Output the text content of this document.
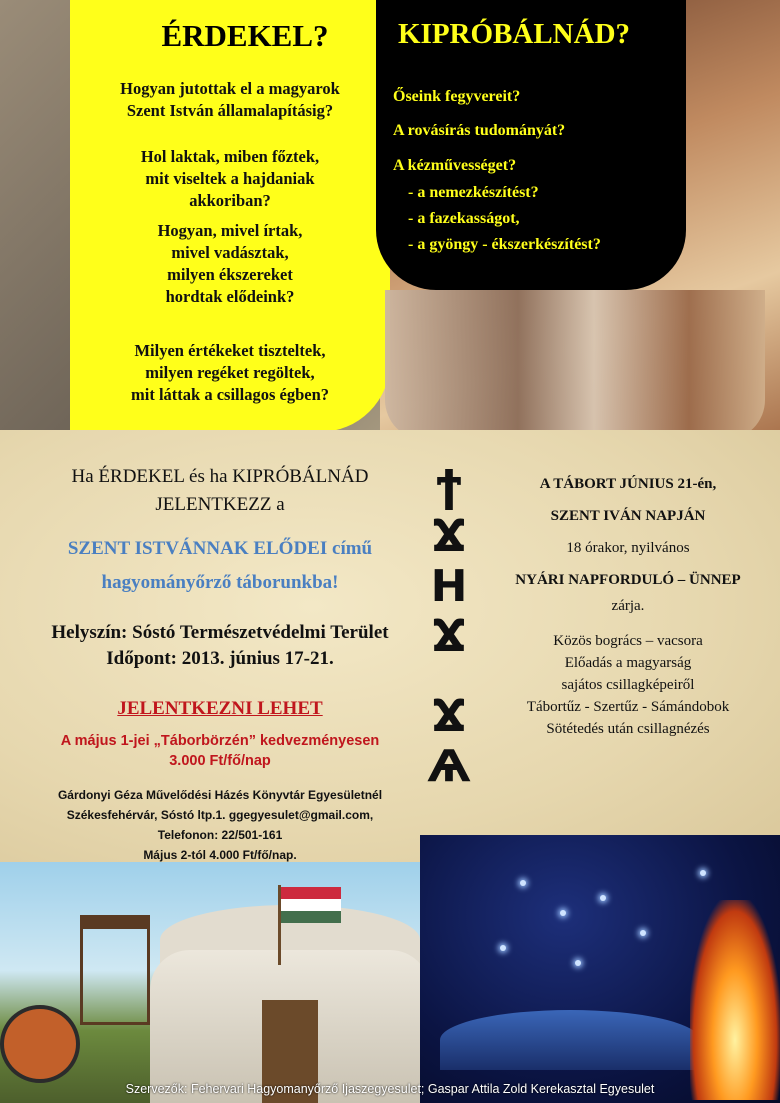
ÉRDEKEL?
Hogyan jutottak el a magyarok
Szent István államalapításig?
Hol laktak, miben főztek,
mit viseltek a hajdaniak
akkoriban?
Hogyan, mivel írtak,
mivel vadásztak,
milyen ékszereket
hordtak elődeink?
Milyen értékeket tiszteltek,
milyen regéket regöltek,
mit láttak a csillagos égben?
KIPRÓBÁLNÁD?
Őseink fegyvereit?
A rovásírás tudományát?
A kézművességet?
- a nemezkészítést?
- a fazekasságot,
- a gyöngy - ékszerkészítést?
Ha ÉRDEKEL és ha KIPRÓBÁLNÁD
JELENTKEZZ a
SZENT ISTVÁNNAK ELŐDEI című
hagyományőrző táborunkba!
Helyszín: Sóstó Természetvédelmi Terület
Időpont: 2013. június 17-21.
JELENTKEZNI LEHET
A május 1-jei „Táborbörzén” kedvezményesen
3.000 Ft/fő/nap
Gárdonyi Géza Művelődési Házés Könyvtár Egyesületnél
Székesfehérvár, Sóstó ltp.1. ggegyesulet@gmail.com,
Telefonon: 22/501-161
Május 2-tól 4.000 Ft/fő/nap.
ϯ
Ϫ
H
Ϫ
Ϫ
Ѧ
A TÁBORT JÚNIUS 21-én,
SZENT IVÁN NAPJÁN
18 órakor, nyilvános
NYÁRI NAPFORDULÓ – ÜNNEP
zárja.
Közös bogrács – vacsora
Előadás a magyarság
sajátos csillagképeiről
Tábortűz - Szertűz - Sámándobok
Sötétedés után csillagnézés
Szervezők: Fehervari Hagyomanyőrző Ijaszegyesulet; Gaspar Attila Zold Kerekasztal Egyesulet
